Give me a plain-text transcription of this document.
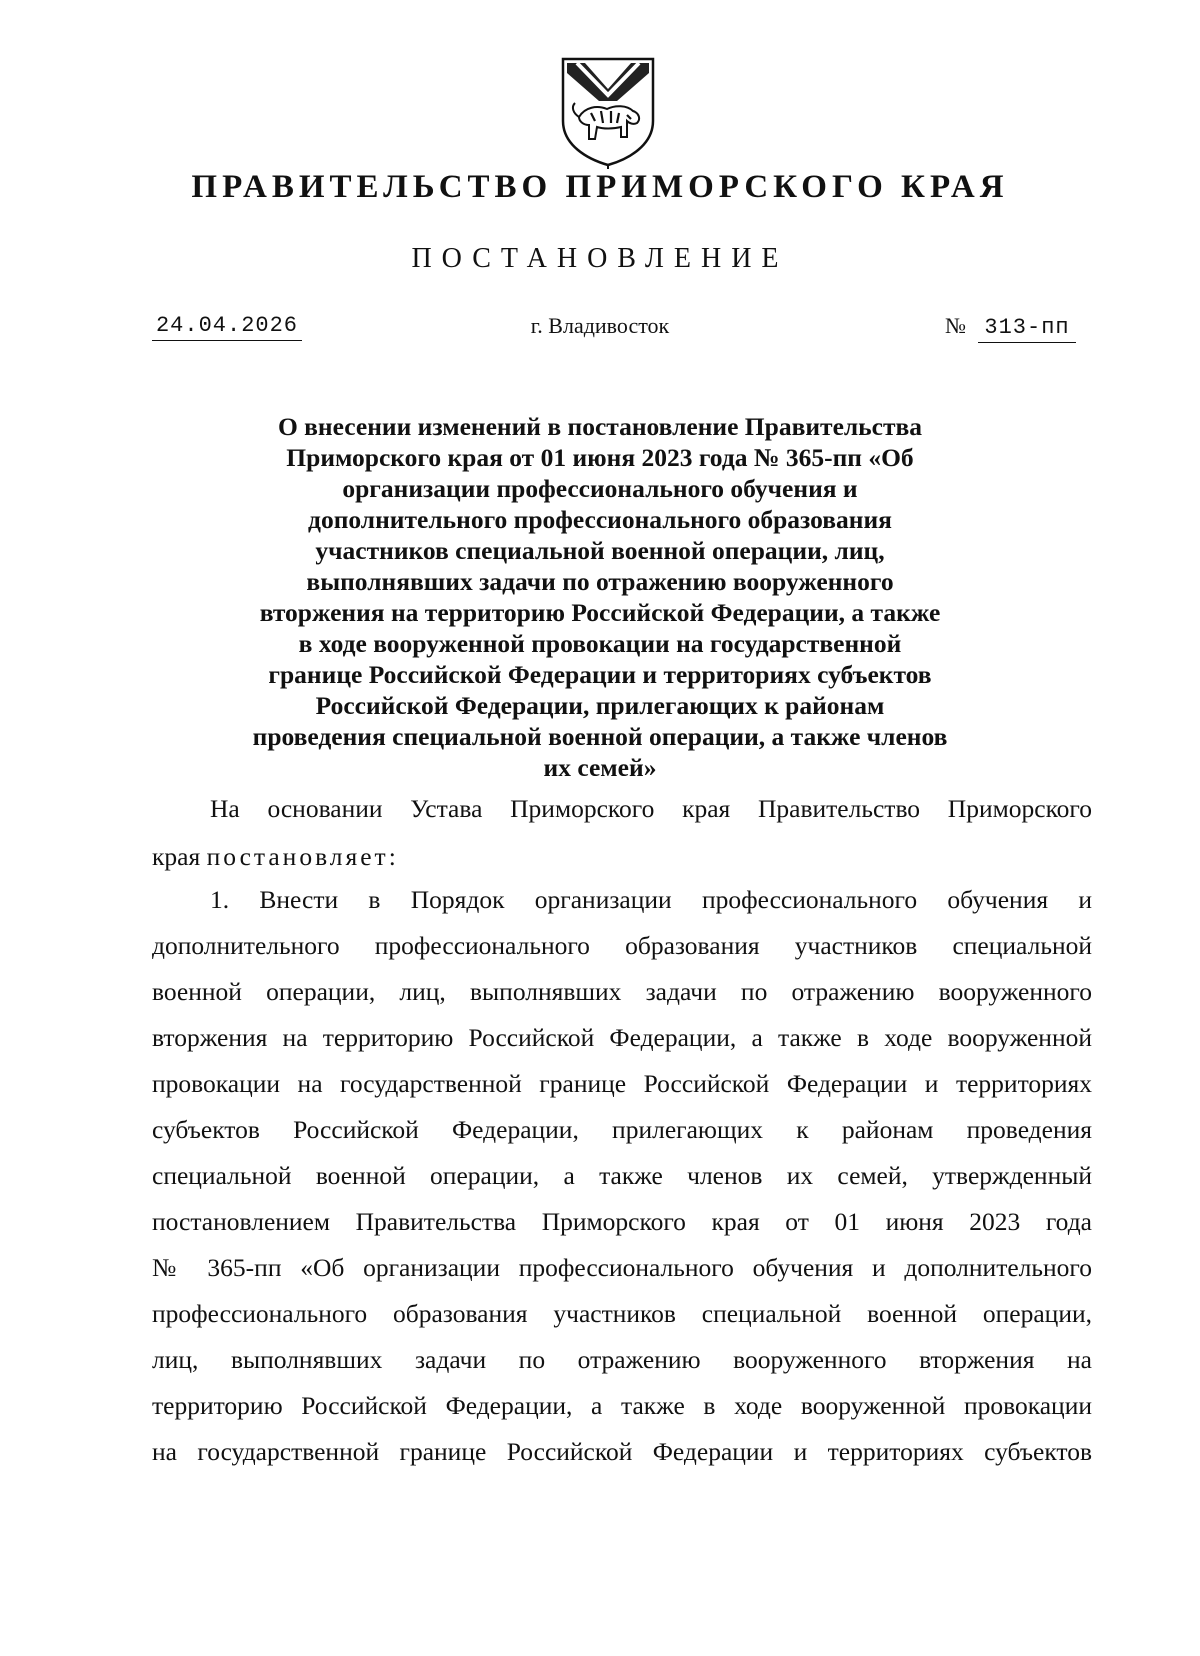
ПРАВИТЕЛЬСТВО ПРИМОРСКОГО КРАЯ
ПОСТАНОВЛЕНИЕ
24.04.2026	г. Владивосток	№ 313-пп
О внесении изменений в постановление Правительства Приморского края от 01 июня 2023 года № 365-пп «Об организации профессионального обучения и дополнительного профессионального образования участников специальной военной операции, лиц, выполнявших задачи по отражению вооруженного вторжения на территорию Российской Федерации, а также в ходе вооруженной провокации на государственной границе Российской Федерации и территориях субъектов Российской Федерации, прилегающих к районам проведения специальной военной операции, а также членов их семей»
На основании Устава Приморского края Правительство Приморского
края постановляет:
1. Внести в Порядок организации профессионального обучения и
дополнительного профессионального образования участников специальной
военной операции, лиц, выполнявших задачи по отражению вооруженного
вторжения на территорию Российской Федерации, а также в ходе вооруженной
провокации на государственной границе Российской Федерации и территориях
субъектов Российской Федерации, прилегающих к районам проведения
специальной военной операции, а также членов их семей, утвержденный
постановлением Правительства Приморского края от 01 июня 2023 года
№ 365-пп «Об организации профессионального обучения и дополнительного
профессионального образования участников специальной военной операции,
лиц, выполнявших задачи по отражению вооруженного вторжения на
территорию Российской Федерации, а также в ходе вооруженной провокации
на государственной границе Российской Федерации и территориях субъектов
